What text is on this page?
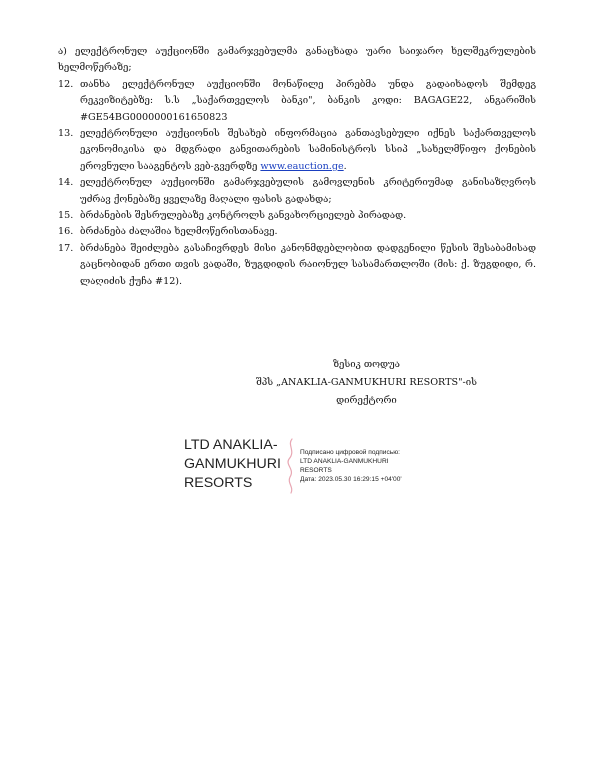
ა) ელექტრონულ აუქციონში გამარჯვებულმა განაცხადა უარი საიჯარო ხელშეკრულების ხელმოწერაზე;
12. თანხა ელექტრონულ აუქციონში მონაწილე პირებმა უნდა გადაიხადოს შემდეგ რეკვიზიტებზე: ს.ს „საქართველოს ბანკი", ბანკის კოდი: BAGAGE22, ანგარიშის #GE54BG0000000161650823
13. ელექტრონული აუქციონის შესახებ ინფორმაცია განთავსებული იქნეს საქართველოს ეკონომიკისა და მდგრადი განვითარების სამინისტროს სსიპ „სახელმწიფო ქონების ეროვნული სააგენტოს ვებ-გვერდზე www.eauction.ge.
14. ელექტრონულ აუქციონში გამარჯვებულის გამოვლენის კრიტერიუმად განისაზღვროს უძრავ ქონებაზე ყველაზე მაღალი ფასის გადახდა;
15. ბრძანების შესრულებაზე კონტროლს განვახორციელებ პირადად.
16. ბრძანება ძალაშია ხელმოწერისთანავე.
17. ბრძანება შეიძლება გასაჩივრდეს მისი კანონმდებლობით დადგენილი წესის შესაბამისად გაცნობიდან ერთი თვის ვადაში, ზუგდიდის რაიონულ სასამართლოში (მის: ქ. ზუგდიდი, რ. ლაღიძის ქუჩა #12).
ზესიკ თოდუა
შპს „ANAKLIA-GANMUKHURI RESORTS"-ის
დირექტორი
LTD ANAKLIA-
GANMUKHURI
RESORTS
Подписано цифровой подписью:
LTD ANAKLIA-GANMUKHURI
RESORTS
Дата: 2023.05.30 16:29:15 +04'00'
